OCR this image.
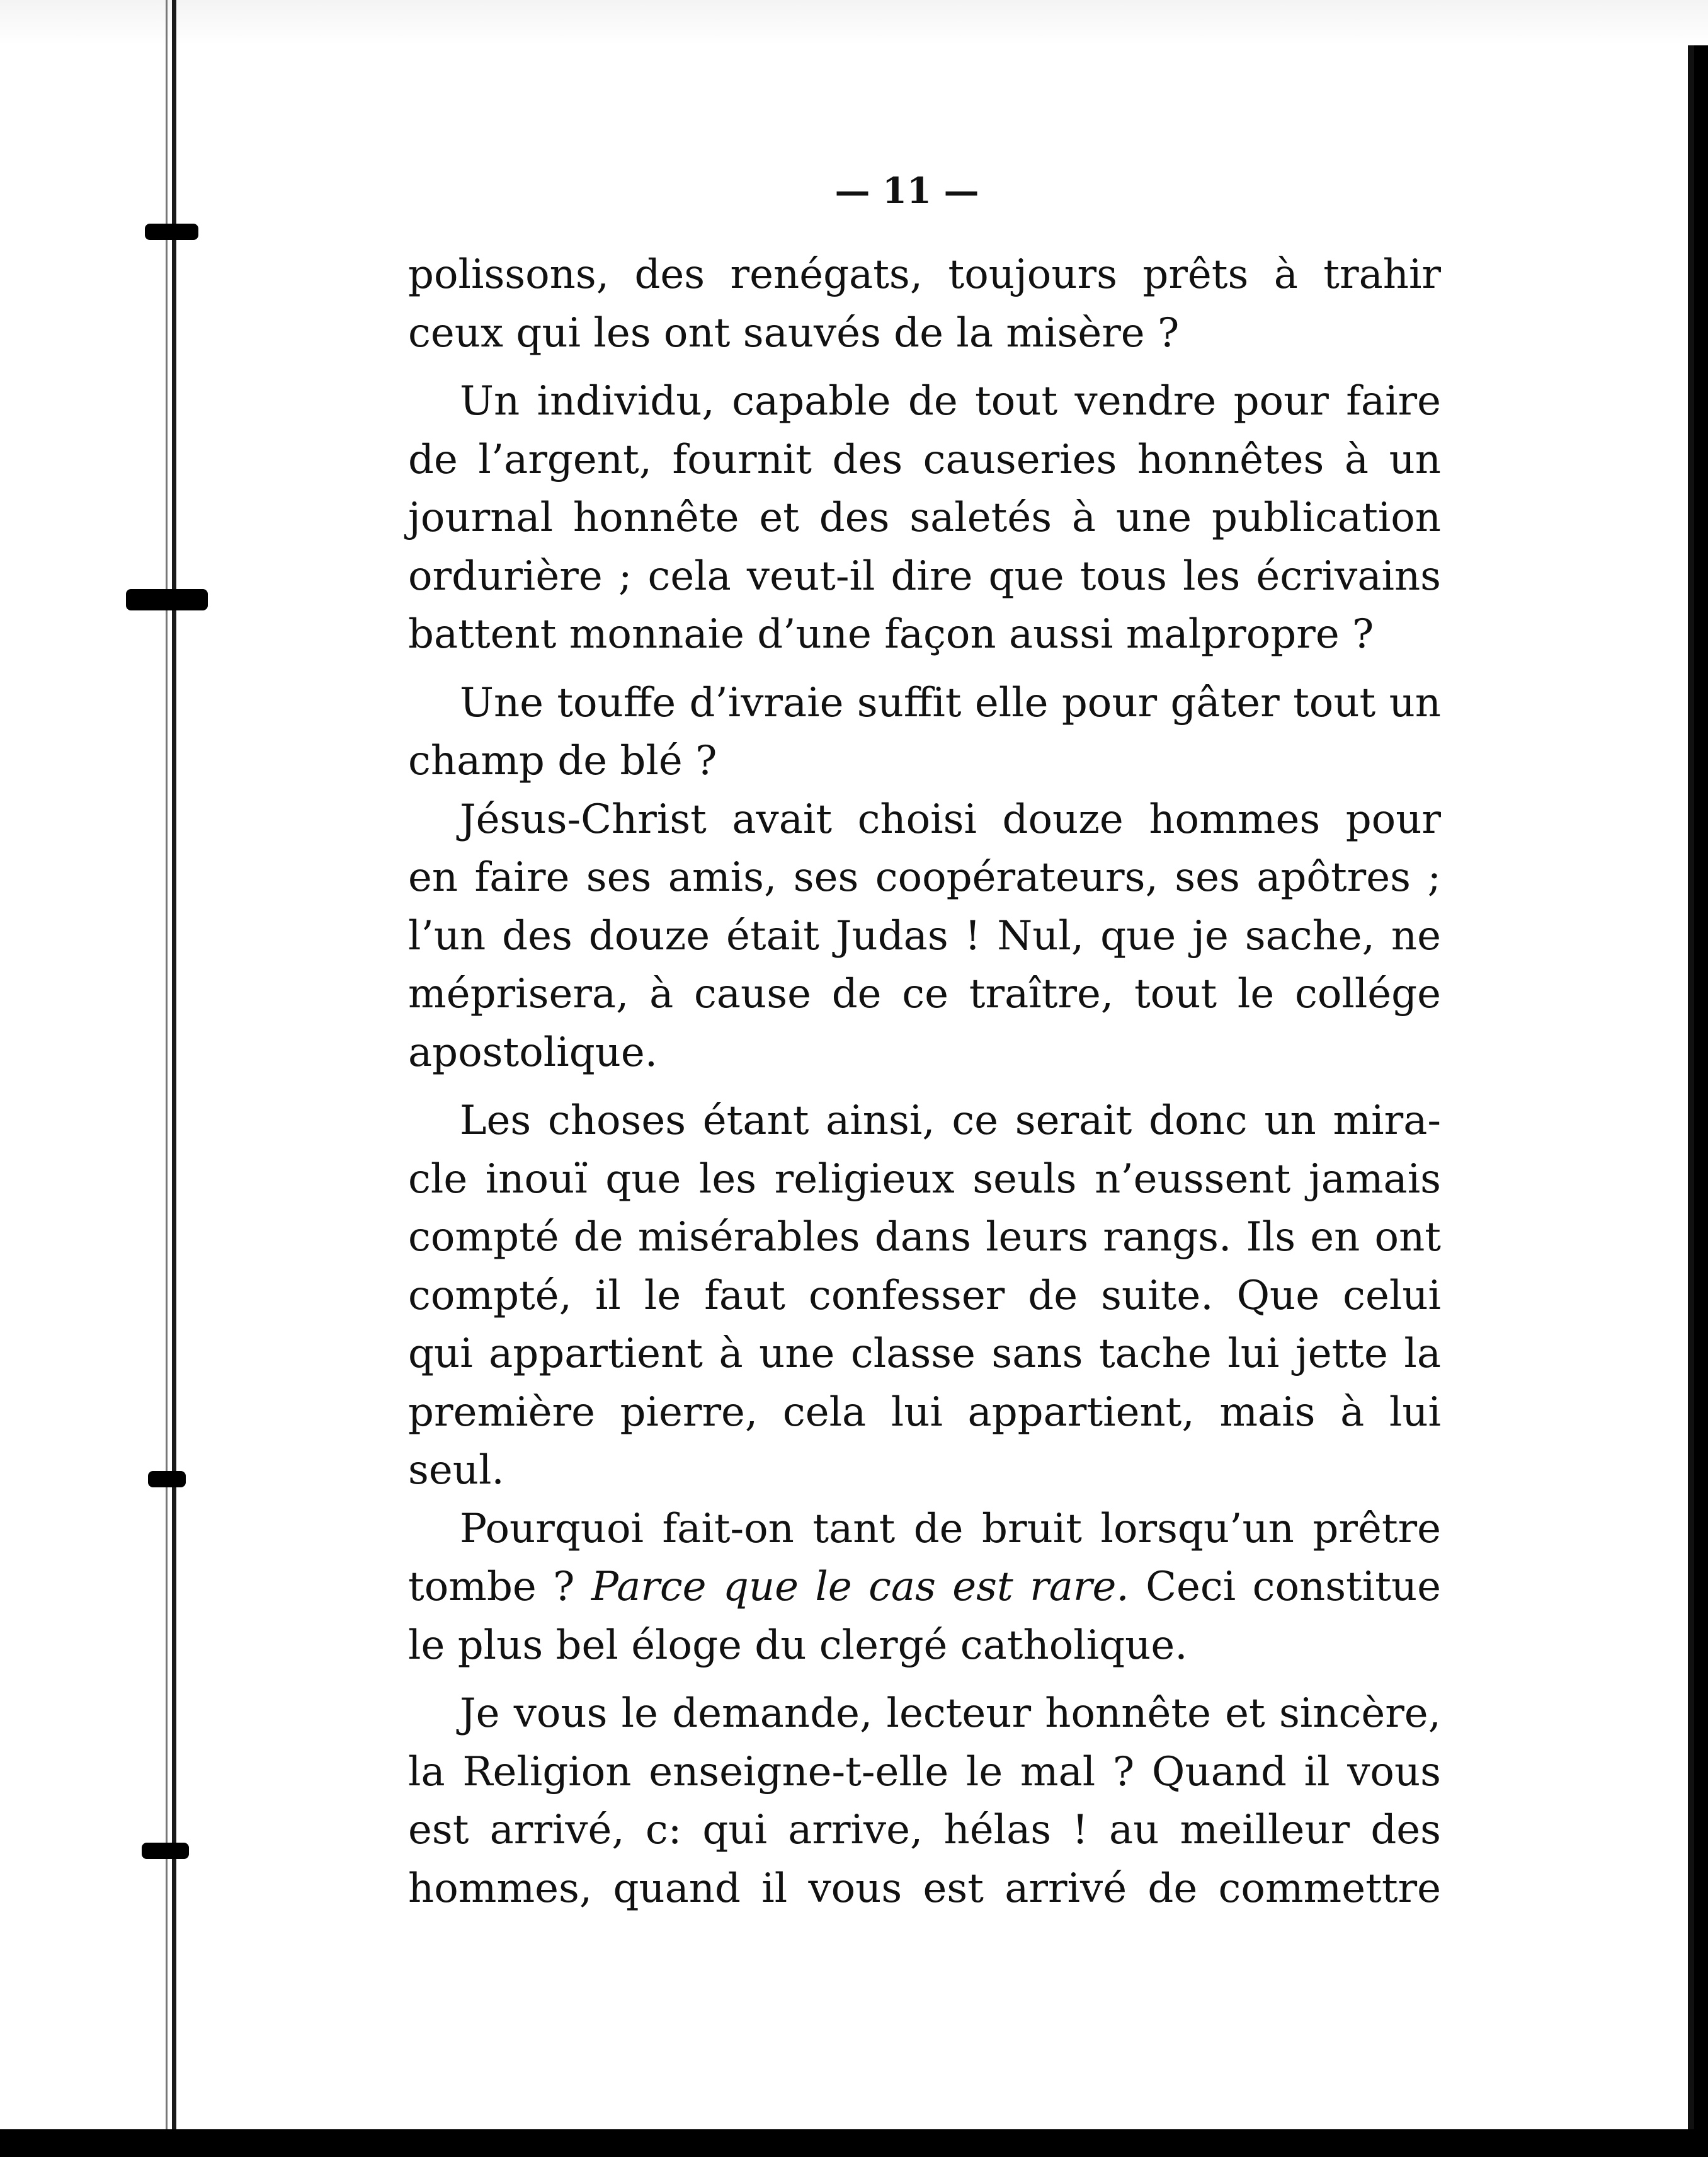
— 11 —
polissons, des renégats, toujours prêts à trahir
ceux qui les ont sauvés de la misère ?
Un individu, capable de tout vendre pour faire
de l’argent, fournit des causeries honnêtes à un
journal honnête et des saletés à une publication
ordurière ; cela veut-il dire que tous les écrivains
battent monnaie d’une façon aussi malpropre ?
Une touffe d’ivraie suffit elle pour gâter tout un
champ de blé ?
Jésus-Christ avait choisi douze hommes pour
en faire ses amis, ses coopérateurs, ses apôtres ;
l’un des douze était Judas ! Nul, que je sache, ne
méprisera, à cause de ce traître, tout le collége
apostolique.
Les choses étant ainsi, ce serait donc un mira-
cle inouï que les religieux seuls n’eussent jamais
compté de misérables dans leurs rangs. Ils en ont
compté, il le faut confesser de suite. Que celui
qui appartient à une classe sans tache lui jette la
première pierre, cela lui appartient, mais à lui
seul.
Pourquoi fait-on tant de bruit lorsqu’un prêtre
tombe ? Parce que le cas est rare. Ceci constitue
le plus bel éloge du clergé catholique.
Je vous le demande, lecteur honnête et sincère,
la Religion enseigne-t-elle le mal ? Quand il vous
est arrivé, c: qui arrive, hélas ! au meilleur des
hommes, quand il vous est arrivé de commettre
